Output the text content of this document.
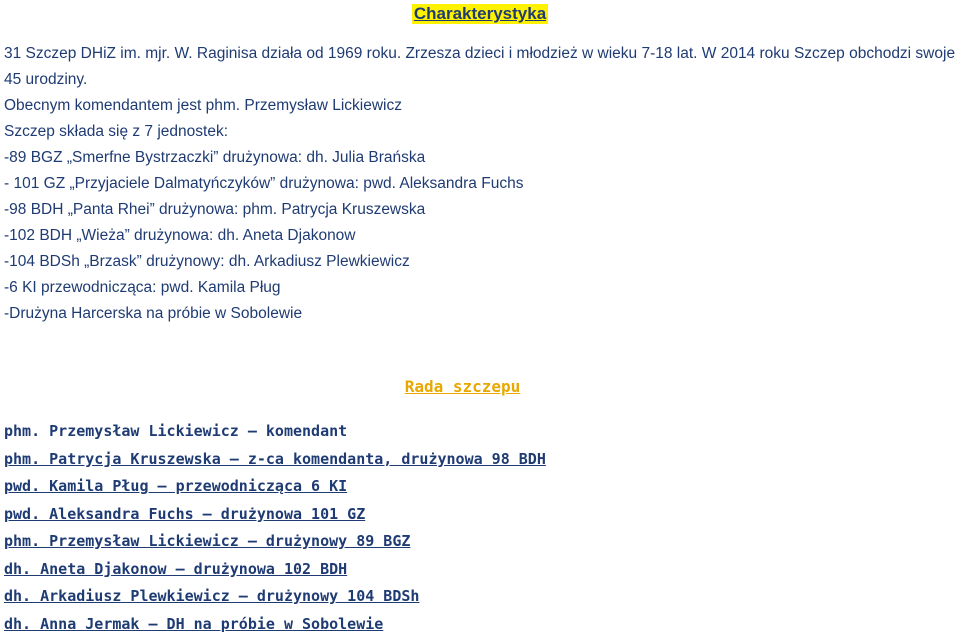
Charakterystyka

31 Szczep DHiZ im. mjr. W. Raginisa działa od 1969 roku. Zrzesza dzieci i młodzież w wieku 7-18 lat. W 2014 roku Szczep obchodzi swoje 45 urodziny.

Obecnym komendantem jest phm. Przemysław Lickiewicz

Szczep składa się z 7 jednostek:

-89 BGZ „Smerfne Bystrzaczki” drużynowa: dh. Julia Brańska

- 101 GZ „Przyjaciele Dalmatyńczyków” drużynowa: pwd. Aleksandra Fuchs

-98 BDH „Panta Rhei” drużynowa: phm. Patrycja Kruszewska

-102 BDH „Wieża” drużynowa: dh. Aneta Djakonow

-104 BDSh „Brzask” drużynowy: dh. Arkadiusz Plewkiewicz

-6 KI przewodnicząca: pwd. Kamila Pług

-Drużyna Harcerska na próbie w Sobolewie

Rada szczepu

phm. Przemysław Lickiewicz – komendant

phm. Patrycja Kruszewska – z-ca komendanta, drużynowa 98 BDH

pwd. Kamila Pług – przewodnicząca 6 KI

pwd. Aleksandra Fuchs – drużynowa 101 GZ

phm. Przemysław Lickiewicz – drużynowy 89 BGZ

dh. Aneta Djakonow – drużynowa 102 BDH

dh. Arkadiusz Plewkiewicz – drużynowy 104 BDSh

dh. Anna Jermak – DH na próbie w Sobolewie
